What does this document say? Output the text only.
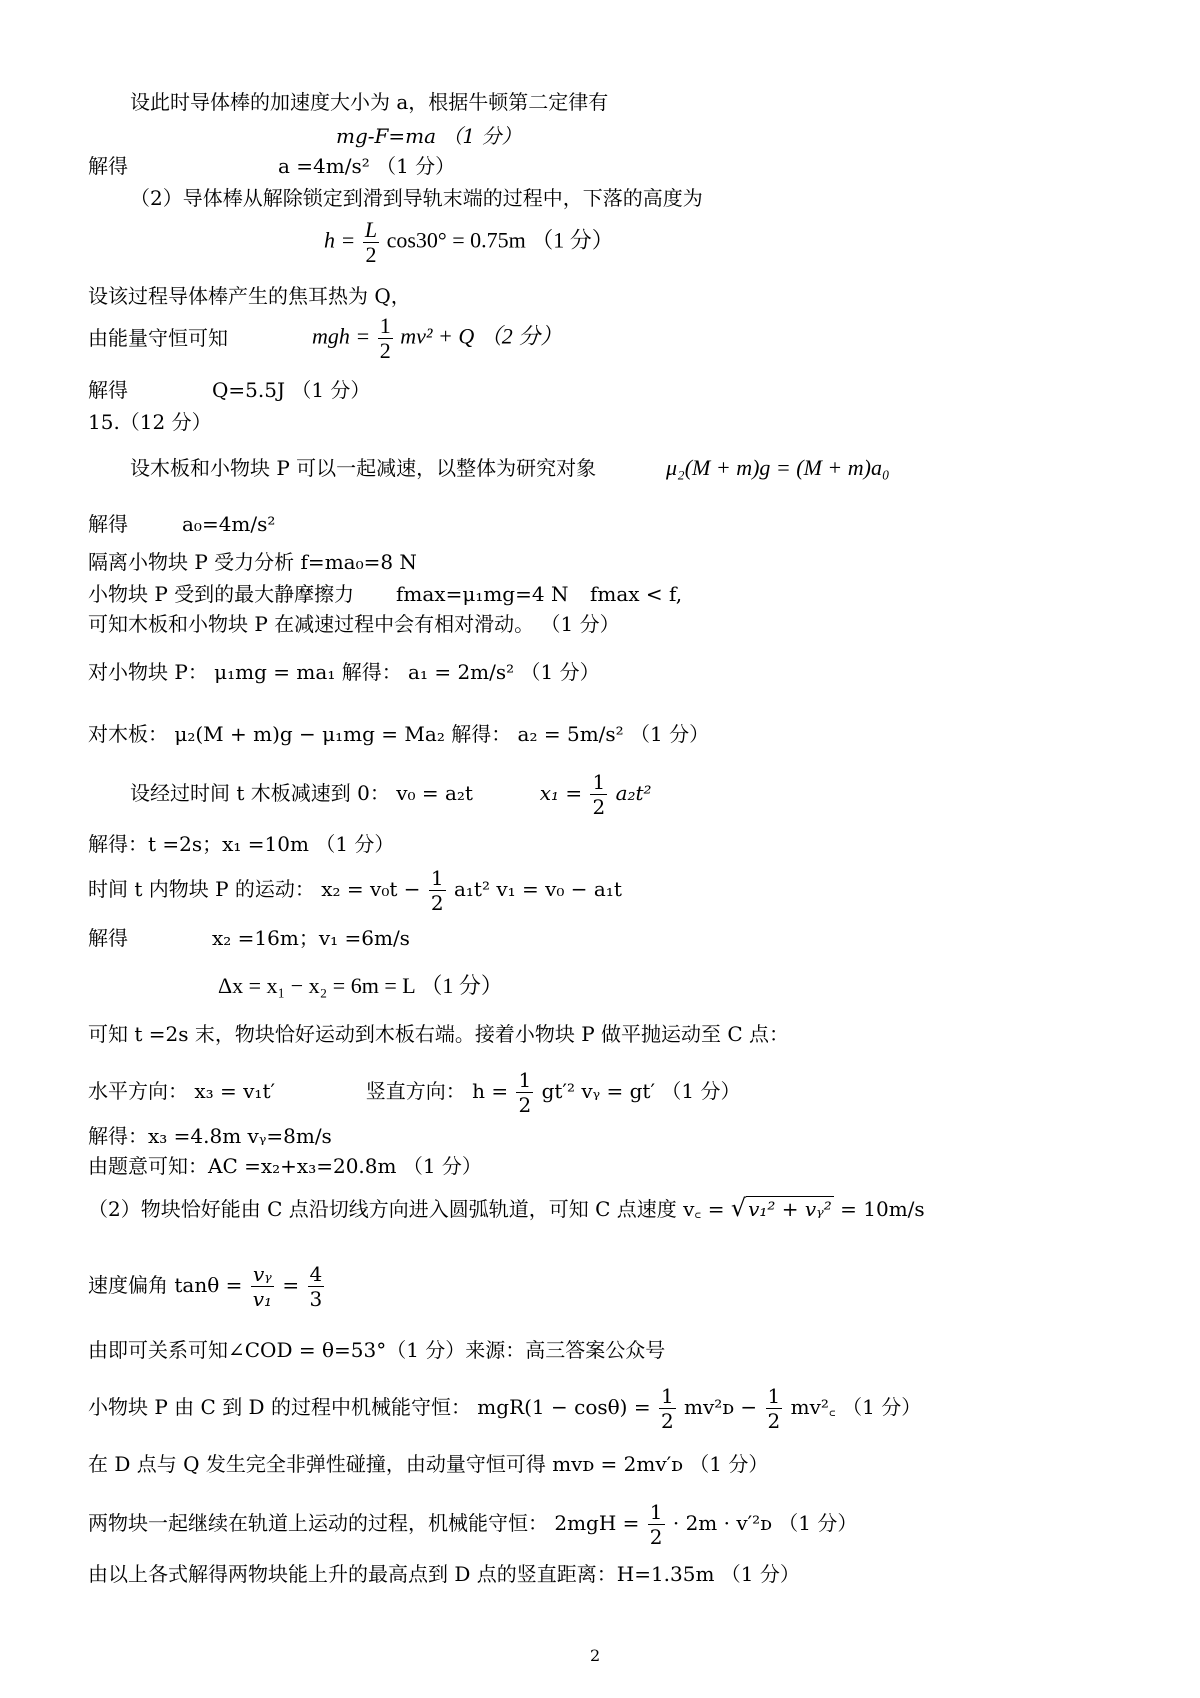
设此时导体棒的加速度大小为 a，根据牛顿第二定律有
mg-F=ma （1 分）
解得	a =4m/s² （1 分）
（2）导体棒从解除锁定到滑到导轨末端的过程中，下落的高度为
$h = \frac{L}{2} \cos 30^\circ = 0.75m$ （1 分）
设该过程导体棒产生的焦耳热为 Q，
由能量守恒可知	mgh = $\frac{1}{2} mv^2 + Q$ （2 分）
解得	Q=5.5J （1 分）
15.（12 分）
设木板和小物块 P 可以一起减速，以整体为研究对象	μ₂(M + m)g = (M + m)a₀
解得	a₀=4m/s²
隔离小物块 P 受力分析 f=ma₀=8 N
小物块 P 受到的最大静摩擦力 fmax=μ₁mg=4 N fmax < f,
可知木板和小物块 P 在减速过程中会有相对滑动。 （1 分）
对小物块 P： μ₁mg = ma₁ 解得： a₁ = 2m/s² （1 分）
对木板： μ₂(M + m)g − μ₁mg = Ma₂ 解得： a₂ = 5m/s² （1 分）
设经过时间 t 木板减速到 0： v₀ = a₂t	$x_1 = \frac{1}{2} a_2t^2$
解得：t =2s；x₁ =10m （1 分）
时间 t 内物块 P 的运动： $x_2 = v_0t - \frac{1}{2} a_1t^2$ v₁ = v₀ − a₁t
解得	x₂ =16m；v₁ =6m/s
Δx = x₁ − x₂ = 6m = L （1 分）
可知 t =2s 末，物块恰好运动到木板右端。接着小物块 P 做平抛运动至 C 点：
水平方向： x₃ = v₁t′	竖直方向： $h = \frac{1}{2} gt'^2$ vᵧ = gt′ （1 分）
解得：x₃ =4.8m vᵧ=8m/s
由题意可知：AC =x₂+x₃=20.8m （1 分）
（2）物块恰好能由 C 点沿切线方向进入圆弧轨道，可知 C 点速度 v꜀ = √ v₁² + vᵧ² = 10m/s
速度偏角 $\tan\theta = \frac{\text{vᵧ}}{\text{v₁}} = \frac{4}{3}$
由即可关系可知∠COD = θ=53°（1 分）来源：高三答案公众号
小物块 P 由 C 到 D 的过程中机械能守恒： $mgR(1 - \cos\theta) = \frac{1}{2}$ mv²ᴅ − $\frac{1}{2}$ mv²꜀ （1 分）
在 D 点与 Q 发生完全非弹性碰撞，由动量守恒可得 mvᴅ = 2mv′ᴅ （1 分）
两物块一起继续在轨道上运动的过程，机械能守恒： $2mgH = \frac{1}{2} \cdot 2m$ · v′²ᴅ （1 分）
由以上各式解得两物块能上升的最高点到 D 点的竖直距离：H=1.35m （1 分）
2
